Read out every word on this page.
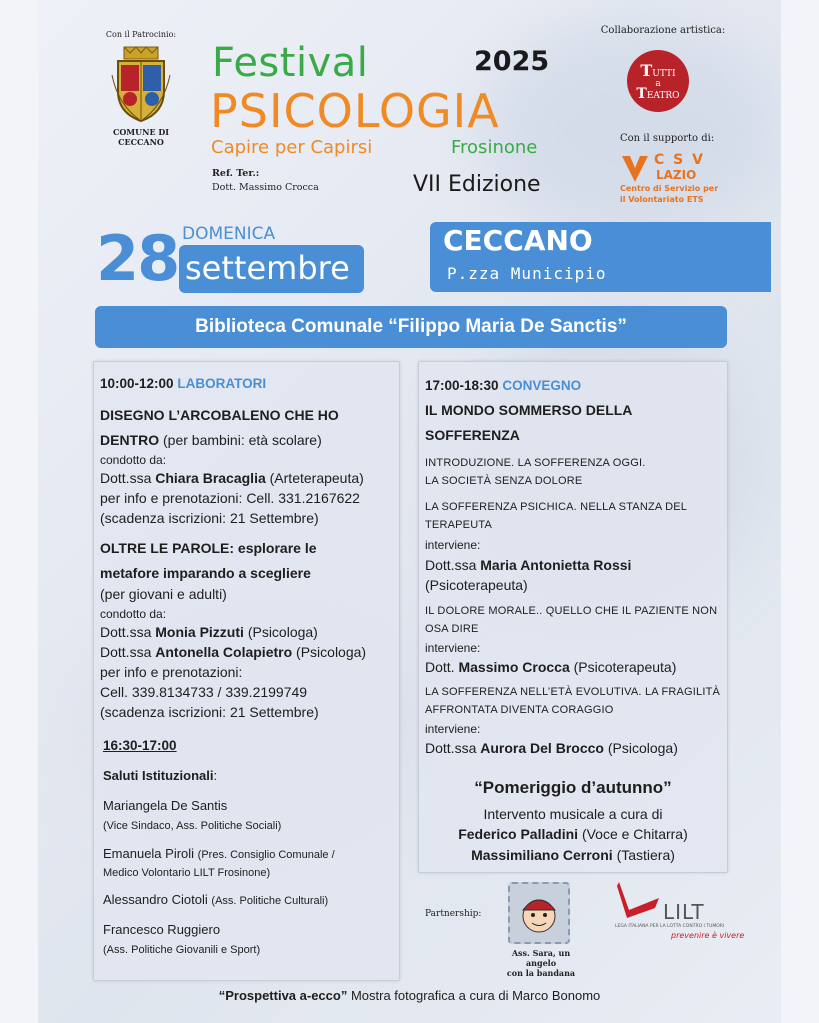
Con il Patrocinio:
COMUNE DI
CECCANO
Festival	2025
PSICOLOGIA
Capire per Capirsi	Frosinone
Ref. Ter.:
Dott. Massimo Crocca	VII Edizione
Collaborazione artistica:
TUTTI
a
TEATRO
Con il supporto di:
C S V
LAZIO
Centro di Servizio per
il Volontariato ETS
28 DOMENICA
settembre
CECCANO
P.zza Municipio
Biblioteca Comunale “Filippo Maria De Sanctis”
10:00-12:00 LABORATORI
DISEGNO L’ARCOBALENO CHE HO
DENTRO (per bambini: età scolare)
condotto da:
Dott.ssa Chiara Bracaglia (Arteterapeuta)
per info e prenotazioni: Cell. 331.2167622
(scadenza iscrizioni: 21 Settembre)
OLTRE LE PAROLE: esplorare le
metafore imparando a scegliere
(per giovani e adulti)
condotto da:
Dott.ssa Monia Pizzuti (Psicologa)
Dott.ssa Antonella Colapietro (Psicologa)
per info e prenotazioni:
Cell. 339.8134733 / 339.2199749
(scadenza iscrizioni: 21 Settembre)
16:30-17:00
Saluti Istituzionali:
Mariangela De Santis
(Vice Sindaco, Ass. Politiche Sociali)
Emanuela Piroli (Pres. Consiglio Comunale /
Medico Volontario LILT Frosinone)
Alessandro Ciotoli (Ass. Politiche Culturali)
Francesco Ruggiero
(Ass. Politiche Giovanili e Sport)
17:00-18:30 CONVEGNO
IL MONDO SOMMERSO DELLA
SOFFERENZA
INTRODUZIONE. LA SOFFERENZA OGGI.
LA SOCIETÀ SENZA DOLORE
LA SOFFERENZA PSICHICA. NELLA STANZA DEL
TERAPEUTA
interviene:
Dott.ssa Maria Antonietta Rossi
(Psicoterapeuta)
IL DOLORE MORALE.. QUELLO CHE IL PAZIENTE NON
OSA DIRE
interviene:
Dott. Massimo Crocca (Psicoterapeuta)
LA SOFFERENZA NELL’ETÀ EVOLUTIVA. LA FRAGILITÀ
AFFRONTATA DIVENTA CORAGGIO
interviene:
Dott.ssa Aurora Del Brocco (Psicologa)
“Pomeriggio d’autunno”
Intervento musicale a cura di
Federico Palladini (Voce e Chitarra)
Massimiliano Cerroni (Tastiera)
Partnership:
Ass. Sara, un angelo
con la bandana
LILT
LEGA ITALIANA PER LA LOTTA CONTRO I TUMORI
prevenire è vivere
“Prospettiva a-ecco” Mostra fotografica a cura di Marco Bonomo
